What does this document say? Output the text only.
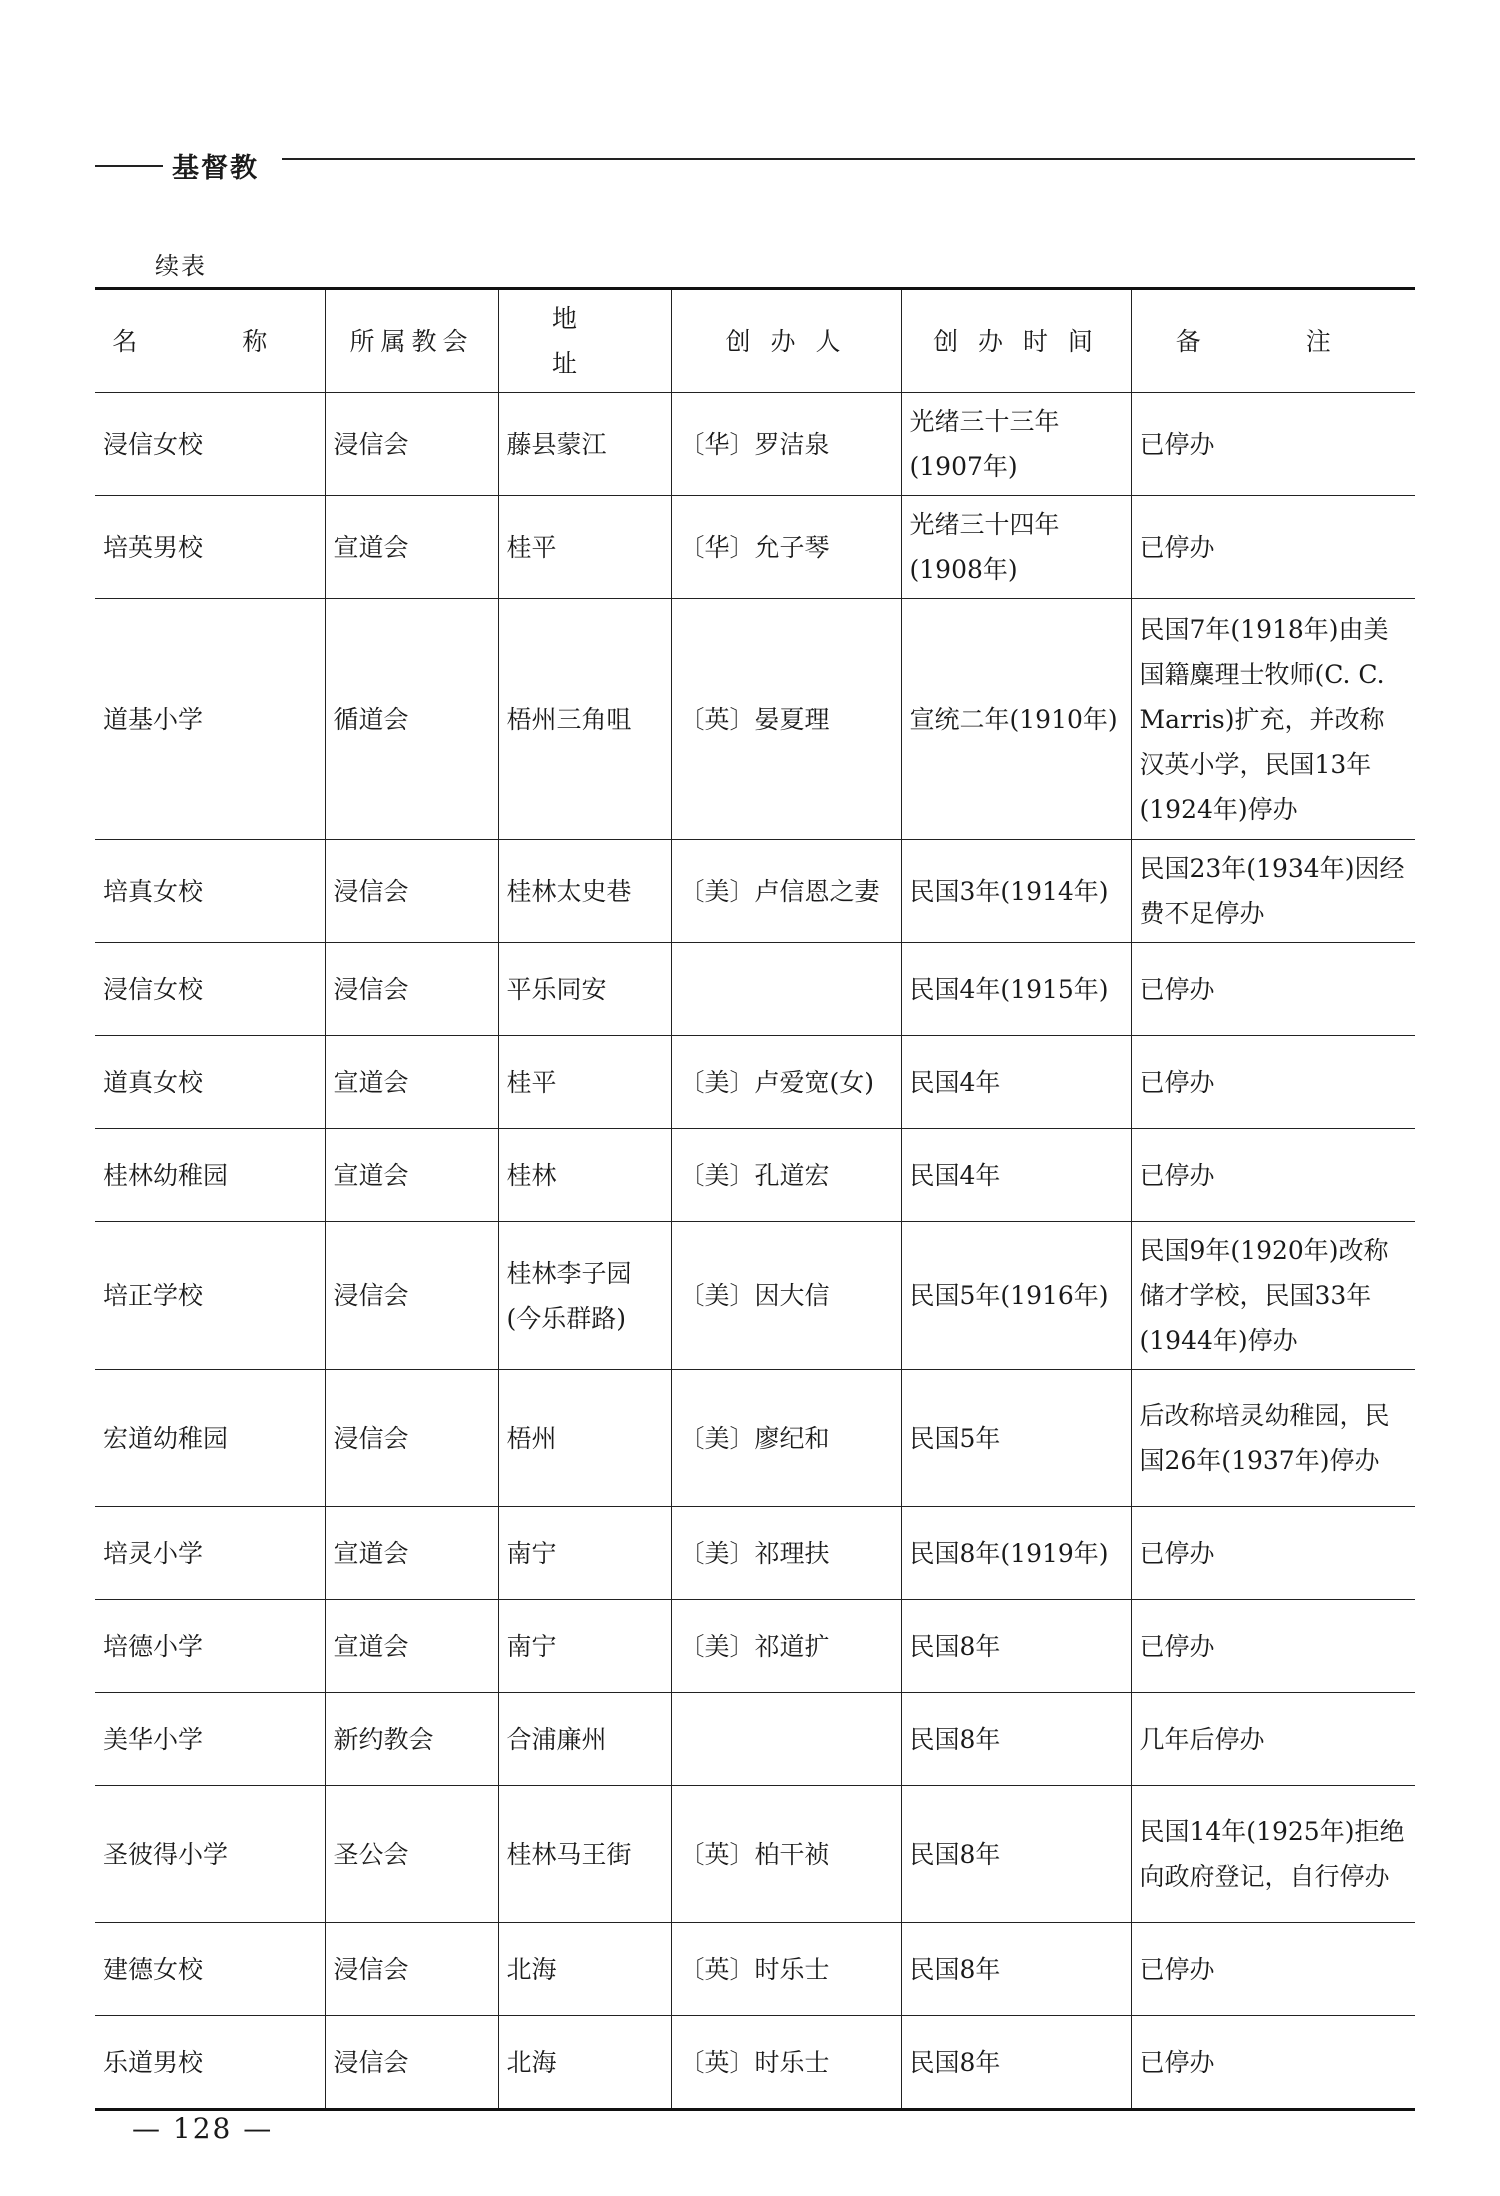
基督教
续表
名　称	所属教会	地　址	创 办 人	创 办 时 间	备　注
浸信女校	浸信会	藤县蒙江	〔华〕罗洁泉	光绪三十三年(1907年)	已停办
培英男校	宣道会	桂平	〔华〕允子琴	光绪三十四年(1908年)	已停办
道基小学	循道会	梧州三角咀	〔英〕晏夏理	宣统二年(1910年)	民国7年(1918年)由美国籍麋理士牧师(C. C. Marris)扩充，并改称汉英小学，民国13年(1924年)停办
培真女校	浸信会	桂林太史巷	〔美〕卢信恩之妻	民国3年(1914年)	民国23年(1934年)因经费不足停办
浸信女校	浸信会	平乐同安		民国4年(1915年)	已停办
道真女校	宣道会	桂平	〔美〕卢爱宽(女)	民国4年	已停办
桂林幼稚园	宣道会	桂林	〔美〕孔道宏	民国4年	已停办
培正学校	浸信会	桂林李子园(今乐群路)	〔美〕因大信	民国5年(1916年)	民国9年(1920年)改称储才学校，民国33年(1944年)停办
宏道幼稚园	浸信会	梧州	〔美〕廖纪和	民国5年	后改称培灵幼稚园，民国26年(1937年)停办
培灵小学	宣道会	南宁	〔美〕祁理扶	民国8年(1919年)	已停办
培德小学	宣道会	南宁	〔美〕祁道扩	民国8年	已停办
美华小学	新约教会	合浦廉州		民国8年	几年后停办
圣彼得小学	圣公会	桂林马王街	〔英〕柏干祯	民国8年	民国14年(1925年)拒绝向政府登记，自行停办
建德女校	浸信会	北海	〔英〕时乐士	民国8年	已停办
乐道男校	浸信会	北海	〔英〕时乐士	民国8年	已停办
— 128 —
